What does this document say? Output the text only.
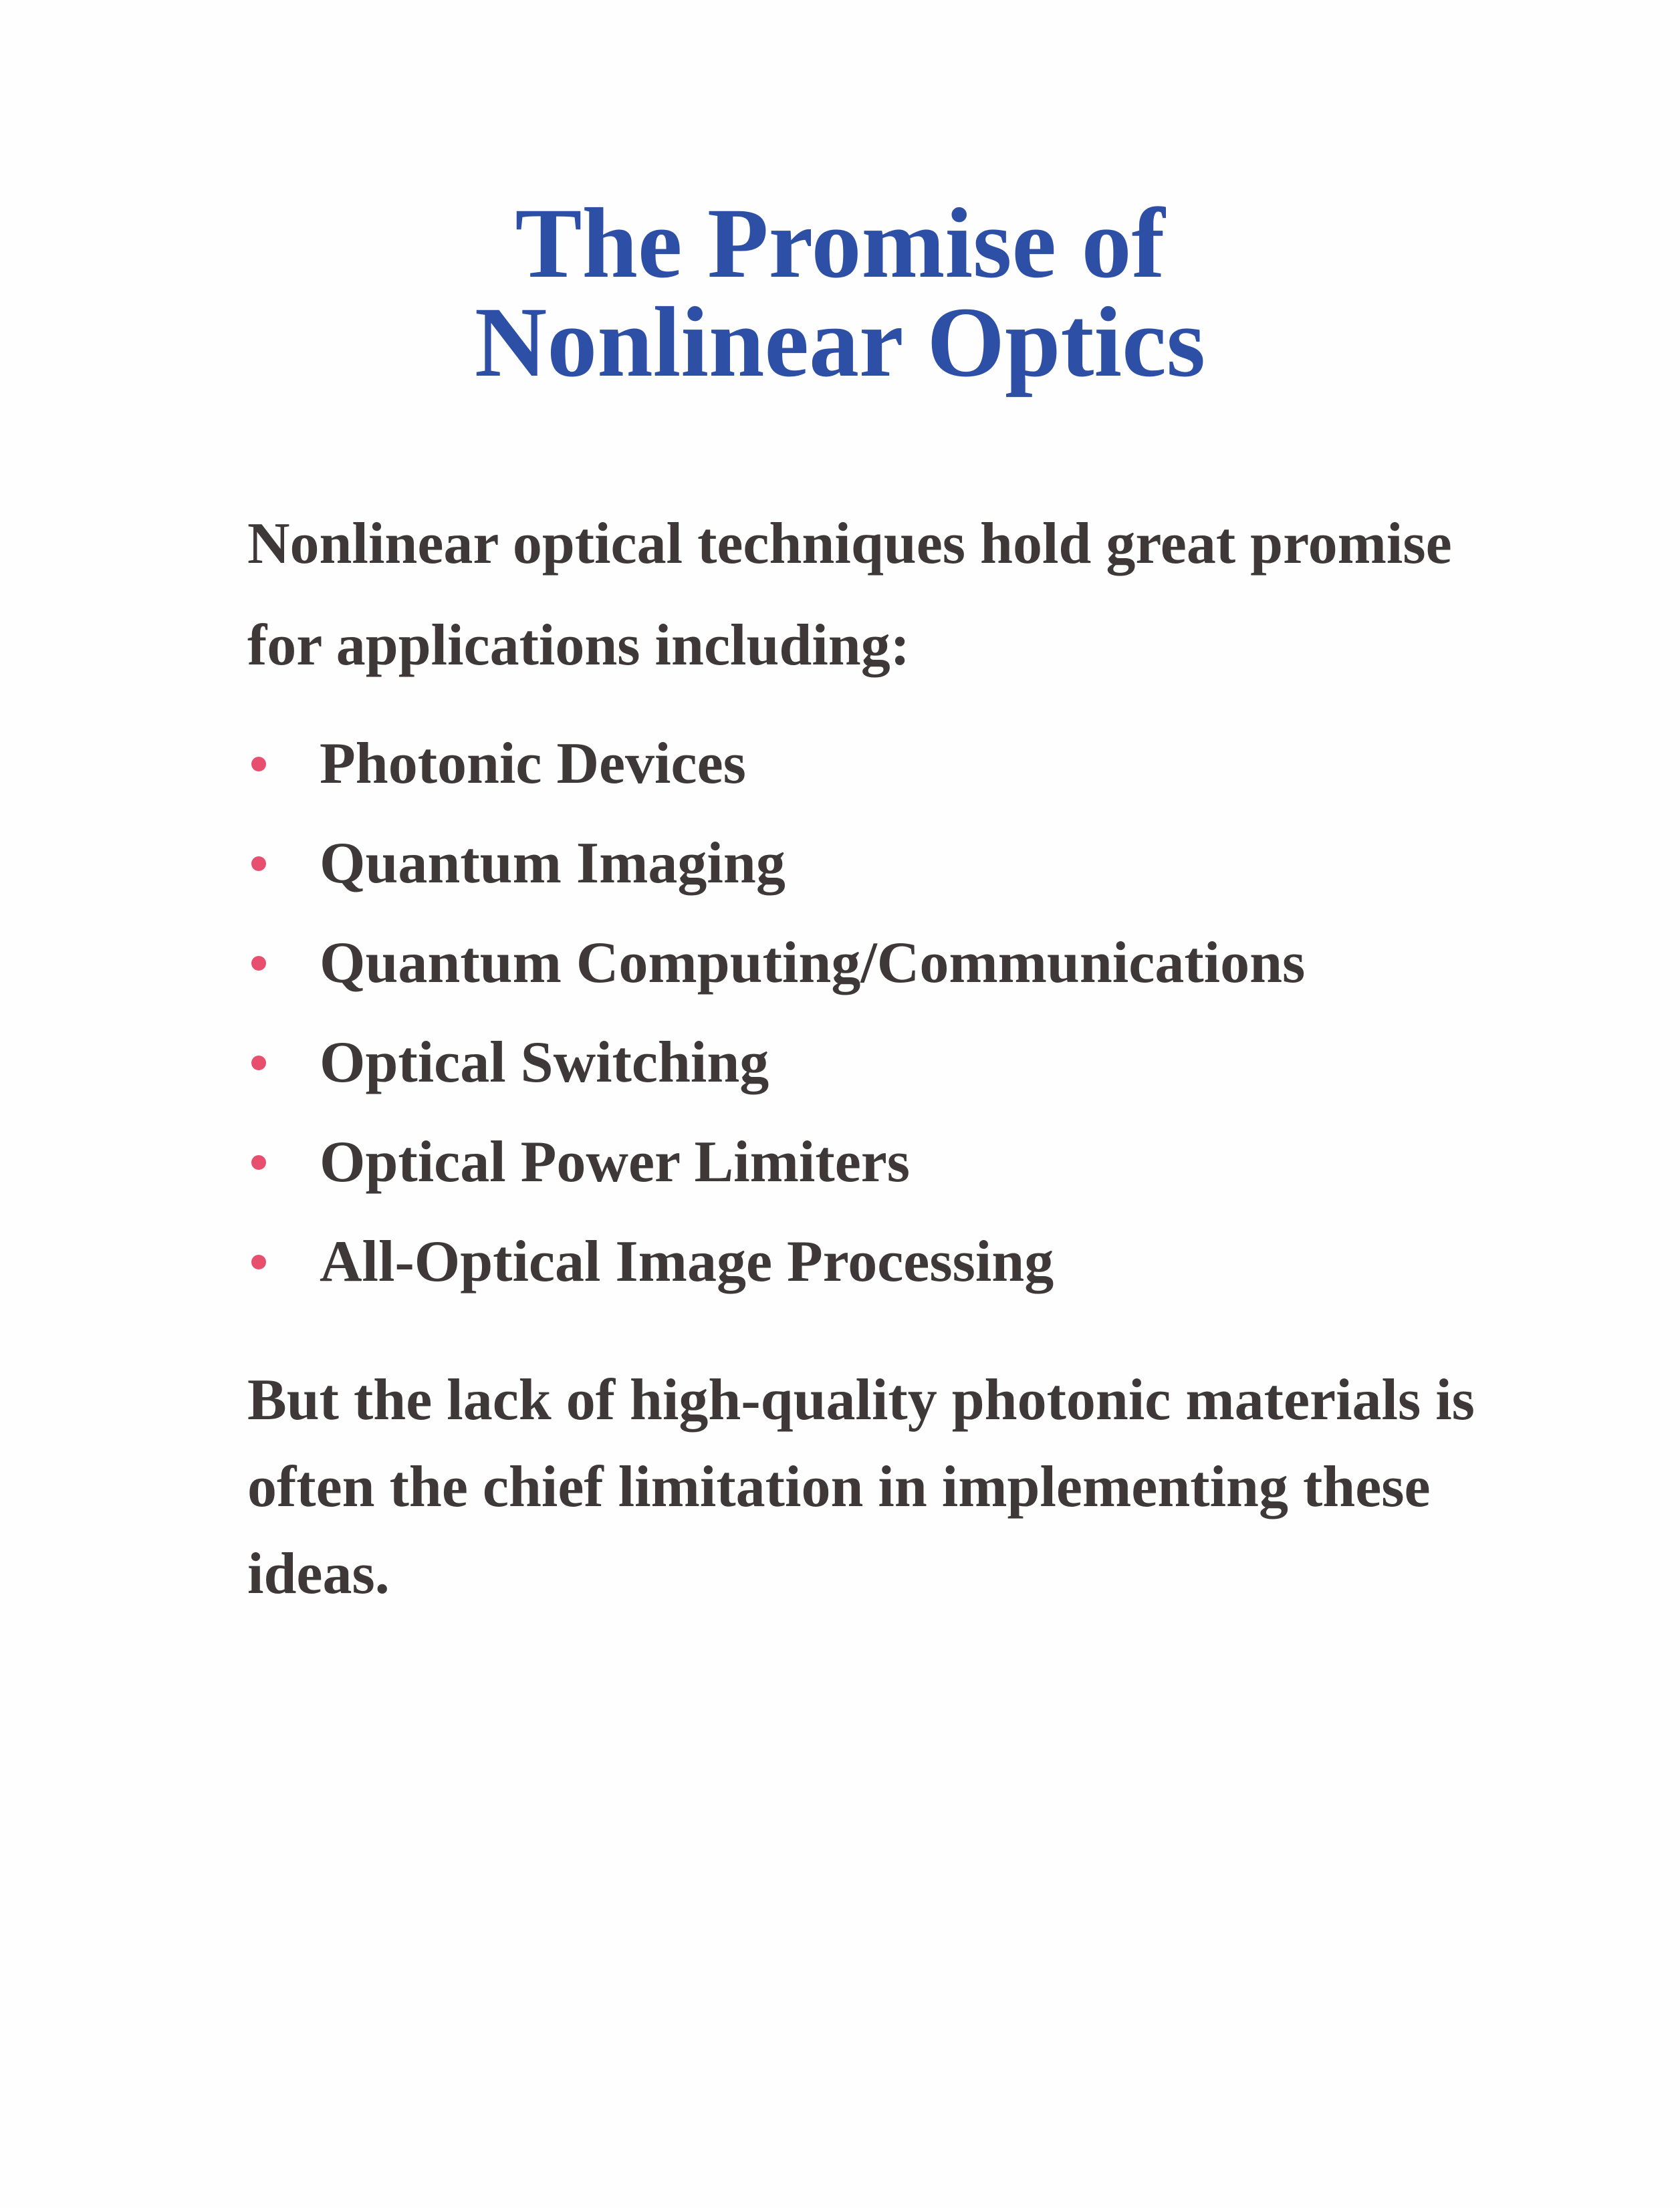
The Promise of
Nonlinear Optics

Nonlinear optical techniques hold great promise for applications including:

Photonic Devices
Quantum Imaging
Quantum Computing/Communications
Optical Switching
Optical Power Limiters
All-Optical Image Processing

But the lack of high-quality photonic materials is often the chief limitation in implementing these ideas.
